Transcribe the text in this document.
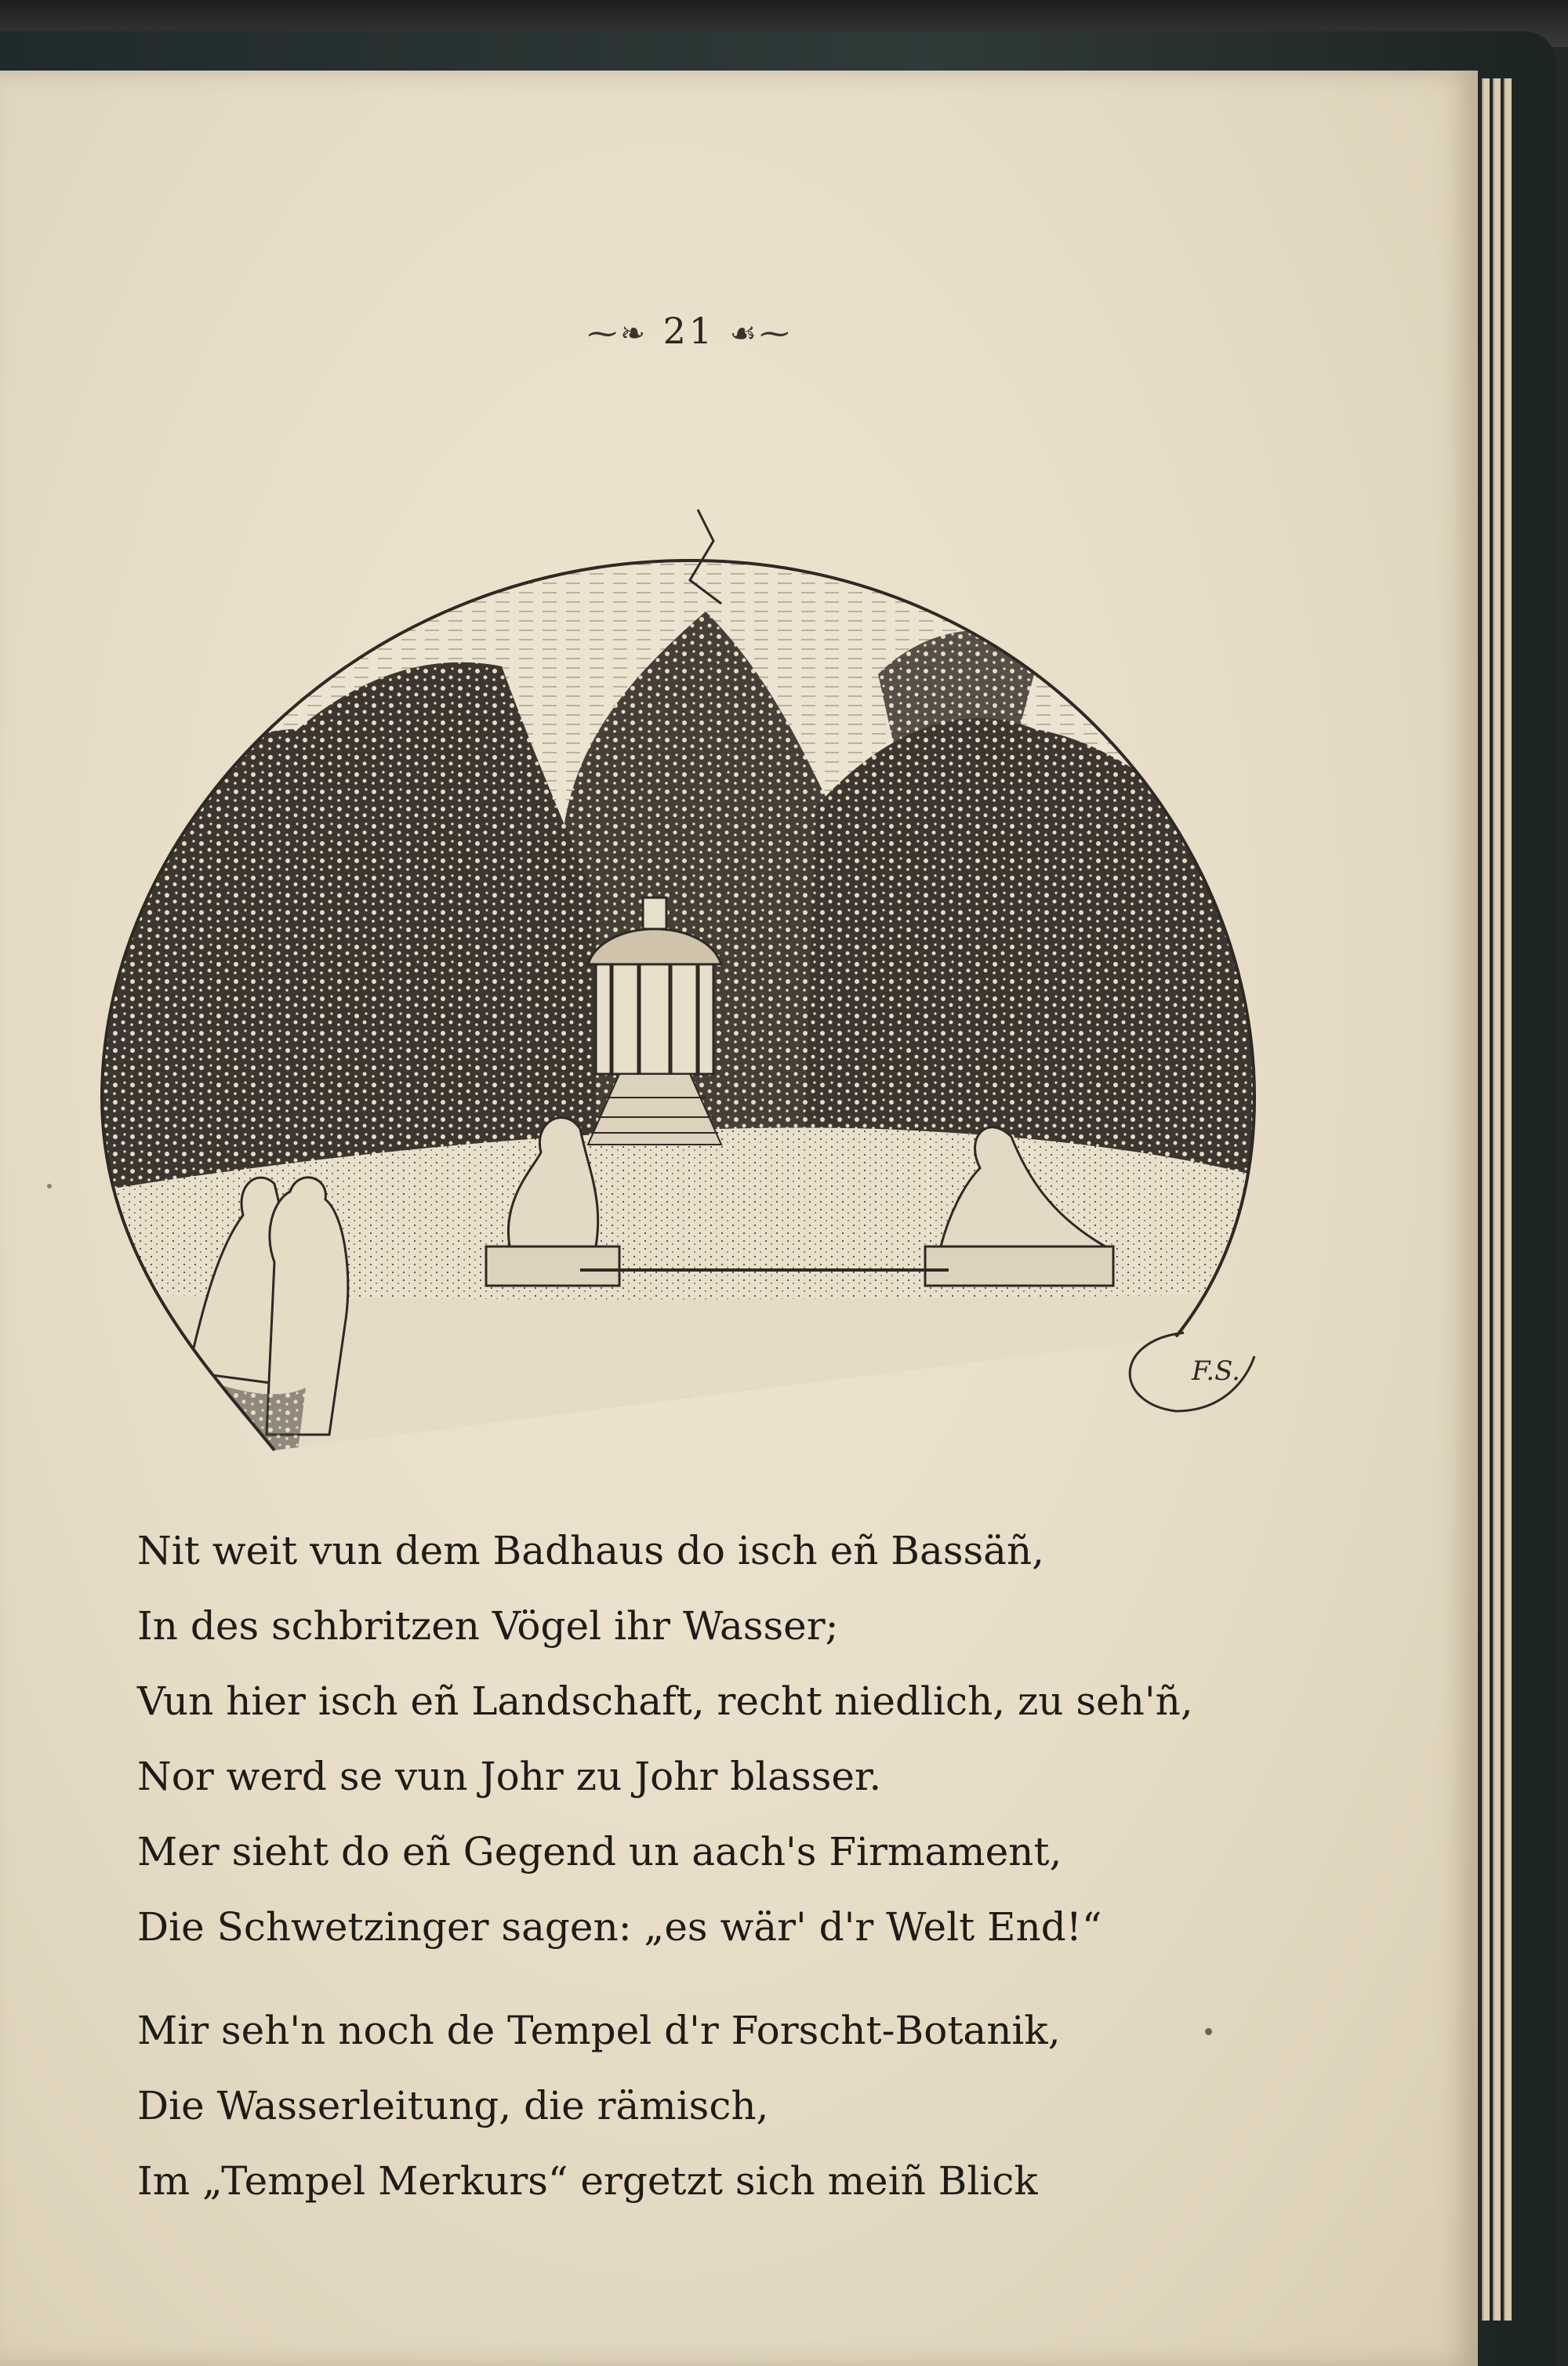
⁓❧ 21 ☙⁓
F.S.
Nit weit vun dem Badhaus do isch eñ Bassäñ,
In des schbritzen Vögel ihr Wasser;
Vun hier isch eñ Landschaft, recht niedlich, zu seh'ñ,
Nor werd se vun Johr zu Johr blasser.
Mer sieht do eñ Gegend un aach's Firmament,
Die Schwetzinger sagen: „es wär' d'r Welt End!“
Mir seh'n noch de Tempel d'r Forscht-Botanik,
Die Wasserleitung, die rämisch,
Im „Tempel Merkurs“ ergetzt sich meiñ Blick
